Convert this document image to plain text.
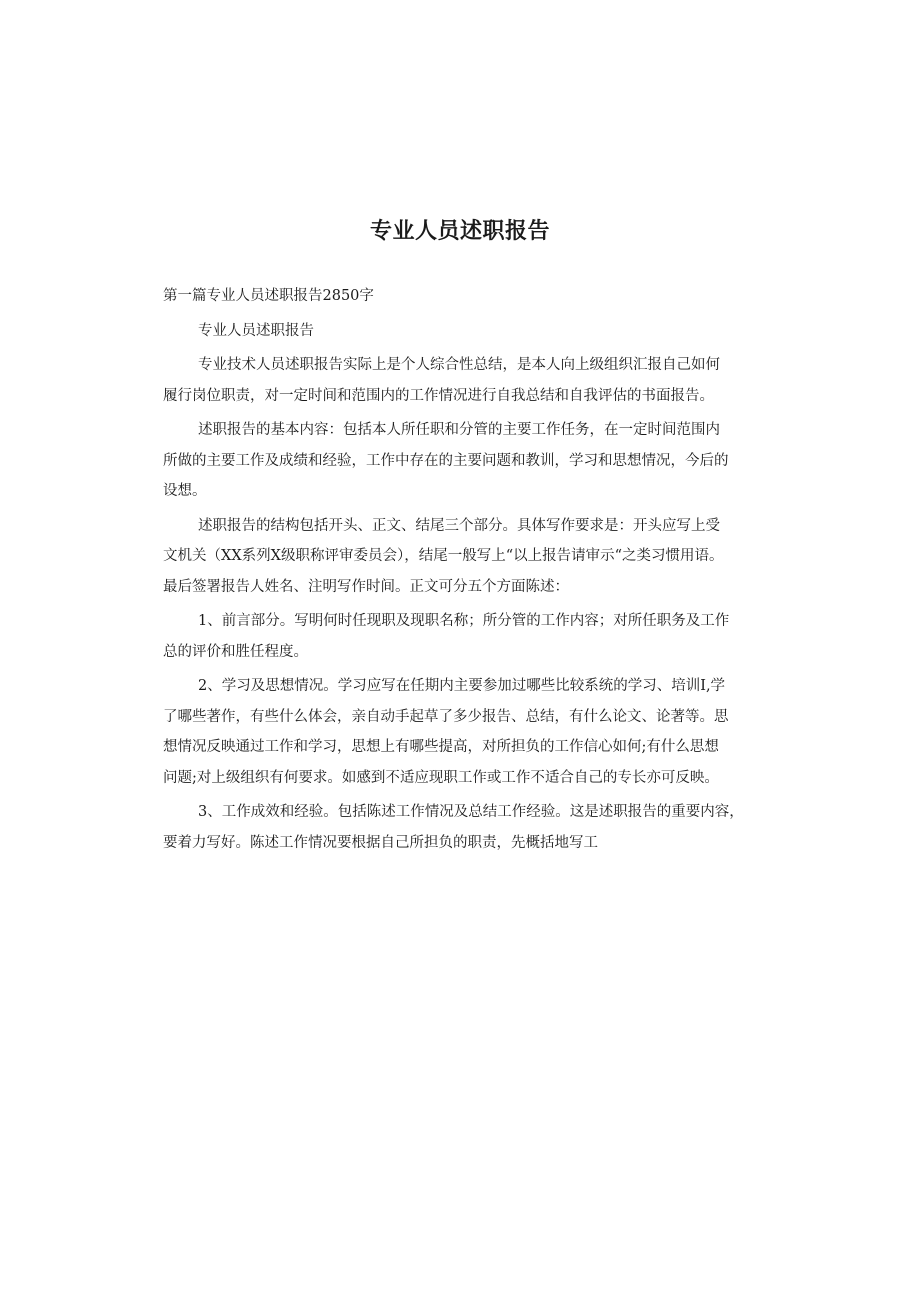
专业人员述职报告
第一篇专业人员述职报告2850字
专业人员述职报告
专业技术人员述职报告实际上是个人综合性总结，是本人向上级组织汇报自己如何
履行岗位职责，对一定时间和范围内的工作情况进行自我总结和自我评估的书面报告。
述职报告的基本内容：包括本人所任职和分管的主要工作任务，在一定时间范围内
所做的主要工作及成绩和经验，工作中存在的主要问题和教训，学习和思想情况，今后的
设想。
述职报告的结构包括开头、正文、结尾三个部分。具体写作要求是：开头应写上受
文机关（XX系列X级职称评审委员会），结尾一般写上“以上报告请审示“之类习惯用语。
最后签署报告人姓名、注明写作时间。正文可分五个方面陈述：
1、前言部分。写明何时任现职及现职名称；所分管的工作内容；对所任职务及工作
总的评价和胜任程度。
2、学习及思想情况。学习应写在任期内主要参加过哪些比较系统的学习、培训I,学
了哪些著作，有些什么体会，亲自动手起草了多少报告、总结，有什么论文、论著等。思
想情况反映通过工作和学习，思想上有哪些提高，对所担负的工作信心如何;有什么思想
问题;对上级组织有何要求。如感到不适应现职工作或工作不适合自己的专长亦可反映。
3、工作成效和经验。包括陈述工作情况及总结工作经验。这是述职报告的重要内容，
要着力写好。陈述工作情况要根据自己所担负的职责，先概括地写工
